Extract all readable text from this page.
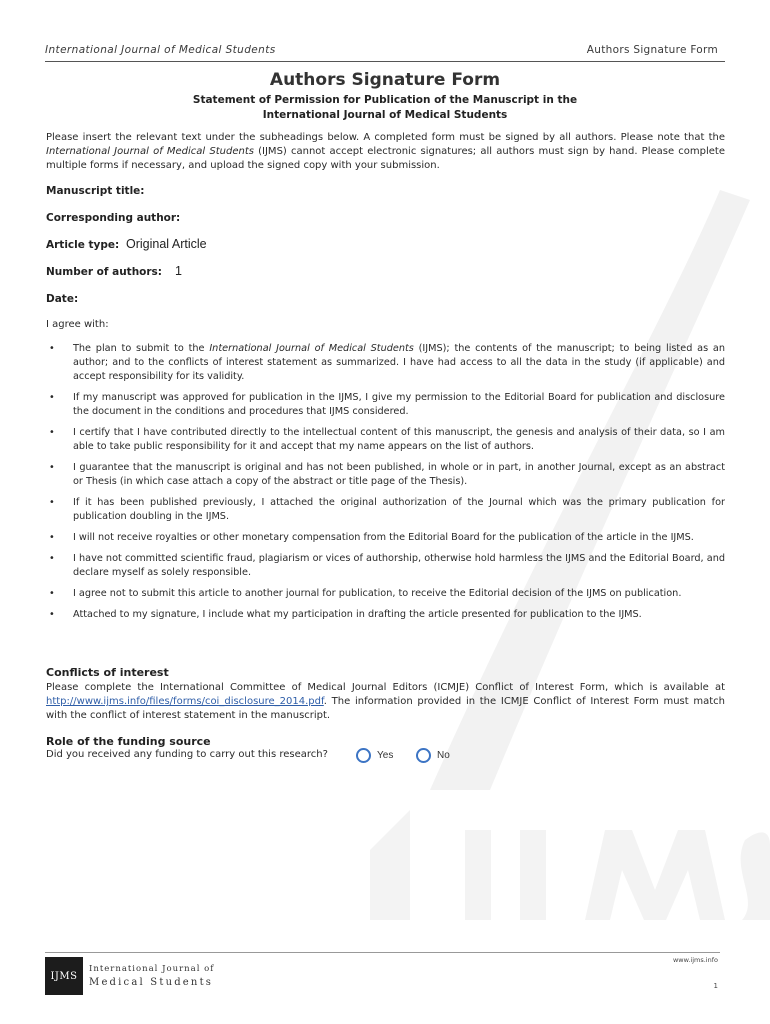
International Journal of Medical Students	Authors Signature Form
Authors Signature Form
Statement of Permission for Publication of the Manuscript in the
International Journal of Medical Students
Please insert the relevant text under the subheadings below. A completed form must be signed by all authors. Please note that the International Journal of Medical Students (IJMS) cannot accept electronic signatures; all authors must sign by hand. Please complete multiple forms if necessary, and upload the signed copy with your submission.
Manuscript title:
Corresponding author:
Article type: Original Article
Number of authors: 1
Date:
I agree with:
• The plan to submit to the International Journal of Medical Students (IJMS); the contents of the manuscript; to being listed as an author; and to the conflicts of interest statement as summarized. I have had access to all the data in the study (if applicable) and accept responsibility for its validity.
• If my manuscript was approved for publication in the IJMS, I give my permission to the Editorial Board for publication and disclosure the document in the conditions and procedures that IJMS considered.
• I certify that I have contributed directly to the intellectual content of this manuscript, the genesis and analysis of their data, so I am able to take public responsibility for it and accept that my name appears on the list of authors.
• I guarantee that the manuscript is original and has not been published, in whole or in part, in another Journal, except as an abstract or Thesis (in which case attach a copy of the abstract or title page of the Thesis).
• If it has been published previously, I attached the original authorization of the Journal which was the primary publication for publication doubling in the IJMS.
• I will not receive royalties or other monetary compensation from the Editorial Board for the publication of the article in the IJMS.
• I have not committed scientific fraud, plagiarism or vices of authorship, otherwise hold harmless the IJMS and the Editorial Board, and declare myself as solely responsible.
• I agree not to submit this article to another journal for publication, to receive the Editorial decision of the IJMS on publication.
• Attached to my signature, I include what my participation in drafting the article presented for publication to the IJMS.
Conflicts of interest
Please complete the International Committee of Medical Journal Editors (ICMJE) Conflict of Interest Form, which is available at http://www.ijms.info/files/forms/coi_disclosure_2014.pdf. The information provided in the ICMJE Conflict of Interest Form must match with the conflict of interest statement in the manuscript.
Role of the funding source
Did you received any funding to carry out this research?	Yes	No
IJMS
International Journal of
Medical Students
www.ijms.info
1
